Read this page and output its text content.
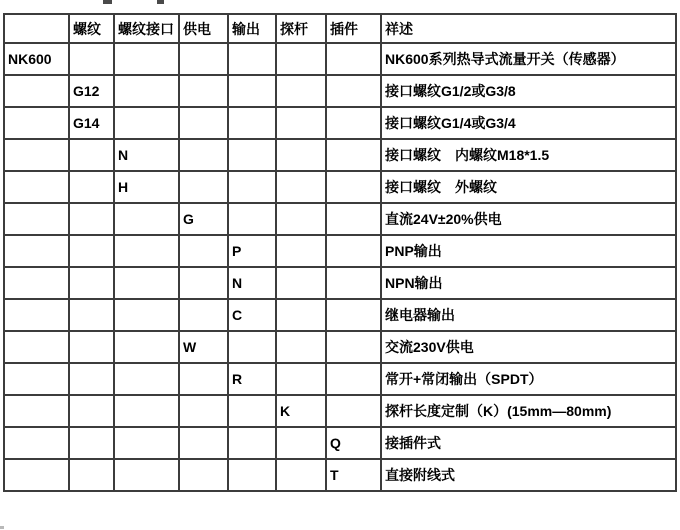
	螺纹	螺纹接口	供电	输出	探杆	插件	祥述
NK600							NK600系列热导式流量开关（传感器）
	G12						接口螺纹G1/2或G3/8
	G14						接口螺纹G1/4或G3/4
		N					接口螺纹　内螺纹M18*1.5
		H					接口螺纹　外螺纹
			G				直流24V±20%供电
				P			PNP输出
				N			NPN输出
				C			继电器输出
			W				交流230V供电
				R			常开+常闭输出（SPDT）
					K		探杆长度定制（K）(15mm—80mm)
						Q	接插件式
						T	直接附线式
